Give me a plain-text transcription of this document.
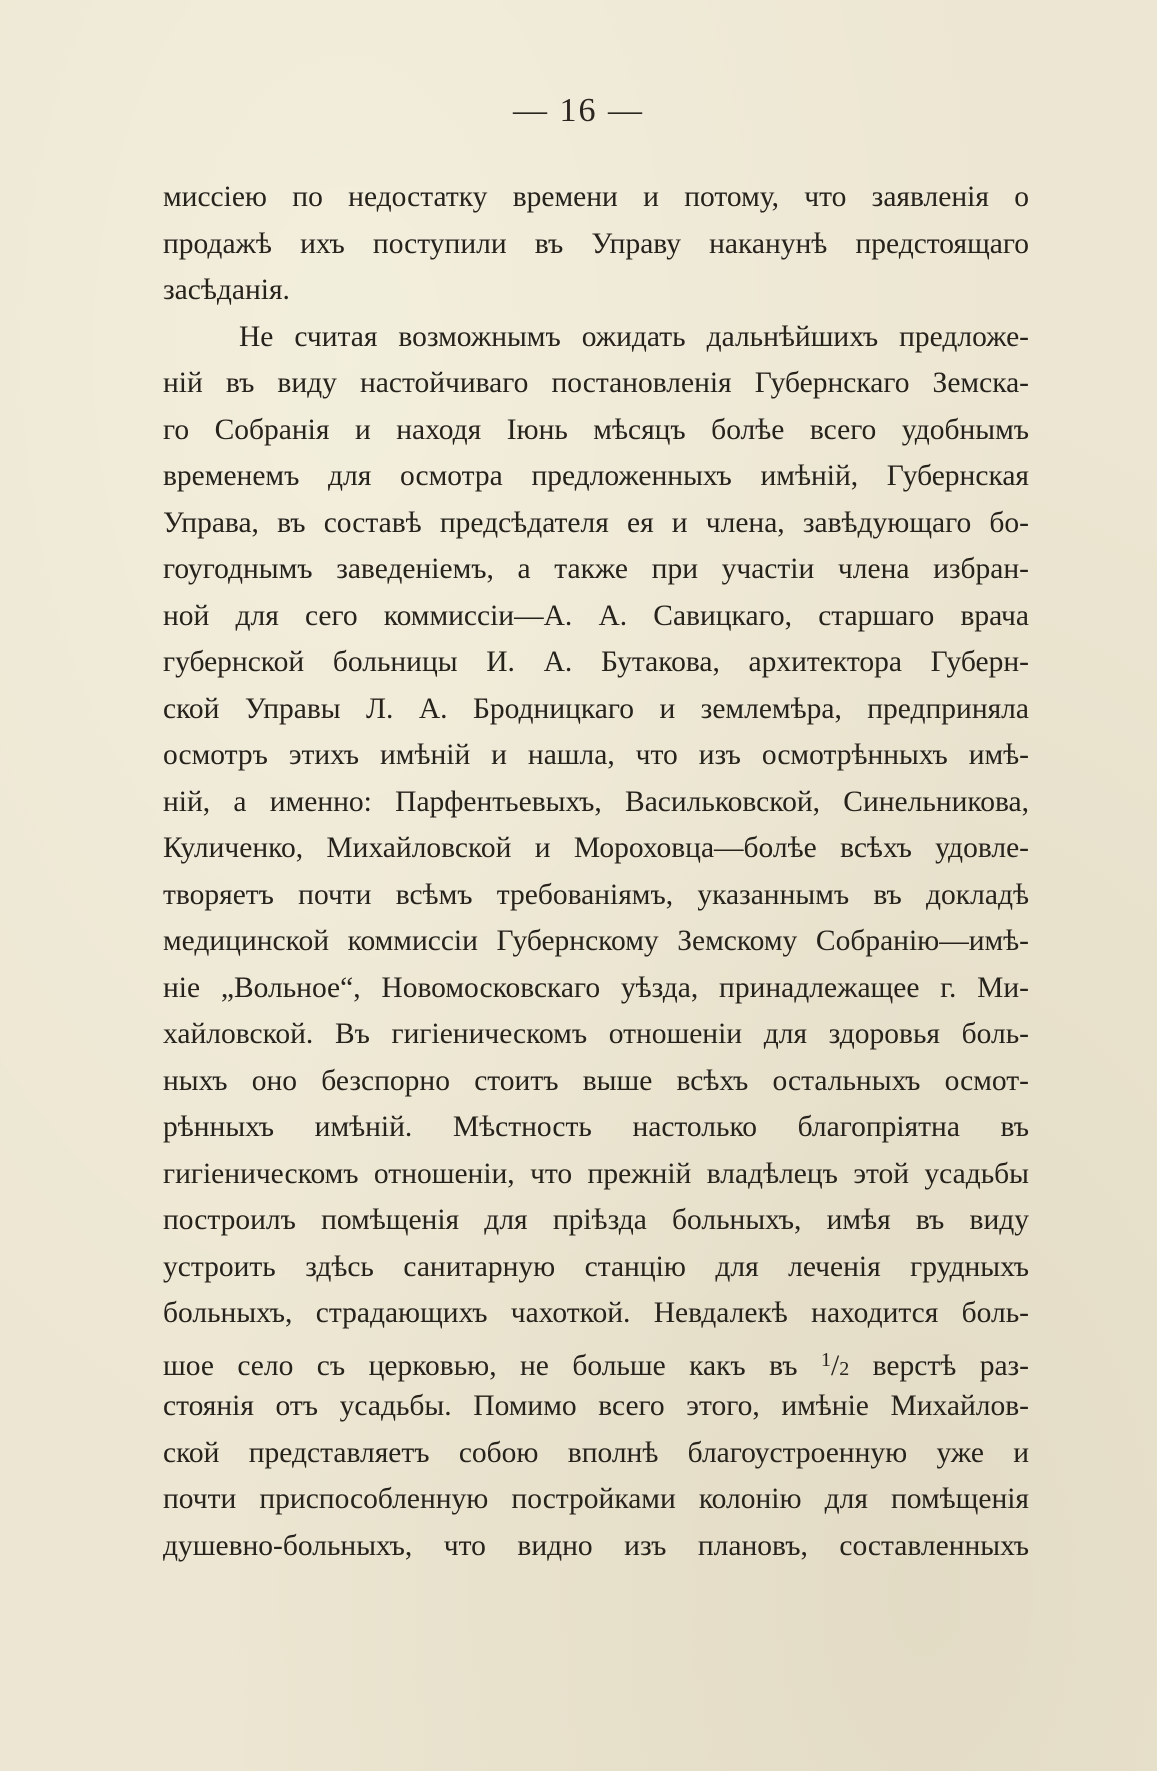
— 16 —
миссіею по недостатку времени и потому, что заявленія о
продажѣ ихъ поступили въ Управу наканунѣ предстоящаго
засѣданія.
Не считая возможнымъ ожидать дальнѣйшихъ предложе-
ній въ виду настойчиваго постановленія Губернскаго Земска-
го Собранія и находя Іюнь мѣсяцъ болѣе всего удобнымъ
временемъ для осмотра предложенныхъ имѣній, Губернская
Управа, въ составѣ предсѣдателя ея и члена, завѣдующаго бо-
гоугоднымъ заведеніемъ, а также при участіи члена избран-
ной для сего коммиссіи—А. А. Савицкаго, старшаго врача
губернской больницы И. А. Бутакова, архитектора Губерн-
ской Управы Л. А. Бродницкаго и землемѣра, предприняла
осмотръ этихъ имѣній и нашла, что изъ осмотрѣнныхъ имѣ-
ній, а именно: Парфентьевыхъ, Васильковской, Синельникова,
Куличенко, Михайловской и Мороховца—болѣе всѣхъ удовле-
творяетъ почти всѣмъ требованіямъ, указаннымъ въ докладѣ
медицинской коммиссіи Губернскому Земскому Собранію—имѣ-
ніе „Вольное“, Новомосковскаго уѣзда, принадлежащее г. Ми-
хайловской. Въ гигіеническомъ отношеніи для здоровья боль-
ныхъ оно безспорно стоитъ выше всѣхъ остальныхъ осмот-
рѣнныхъ имѣній. Мѣстность настолько благопріятна въ
гигіеническомъ отношеніи, что прежній владѣлецъ этой усадьбы
построилъ помѣщенія для пріѣзда больныхъ, имѣя въ виду
устроить здѣсь санитарную станцію для леченія грудныхъ
больныхъ, страдающихъ чахоткой. Невдалекѣ находится боль-
шое село съ церковью, не больше какъ въ $^1$/2 верстѣ раз-
стоянія отъ усадьбы. Помимо всего этого, имѣніе Михайлов-
ской представляетъ собою вполнѣ благоустроенную уже и
почти приспособленную постройками колонію для помѣщенія
душевно-больныхъ, что видно изъ плановъ, составленныхъ
